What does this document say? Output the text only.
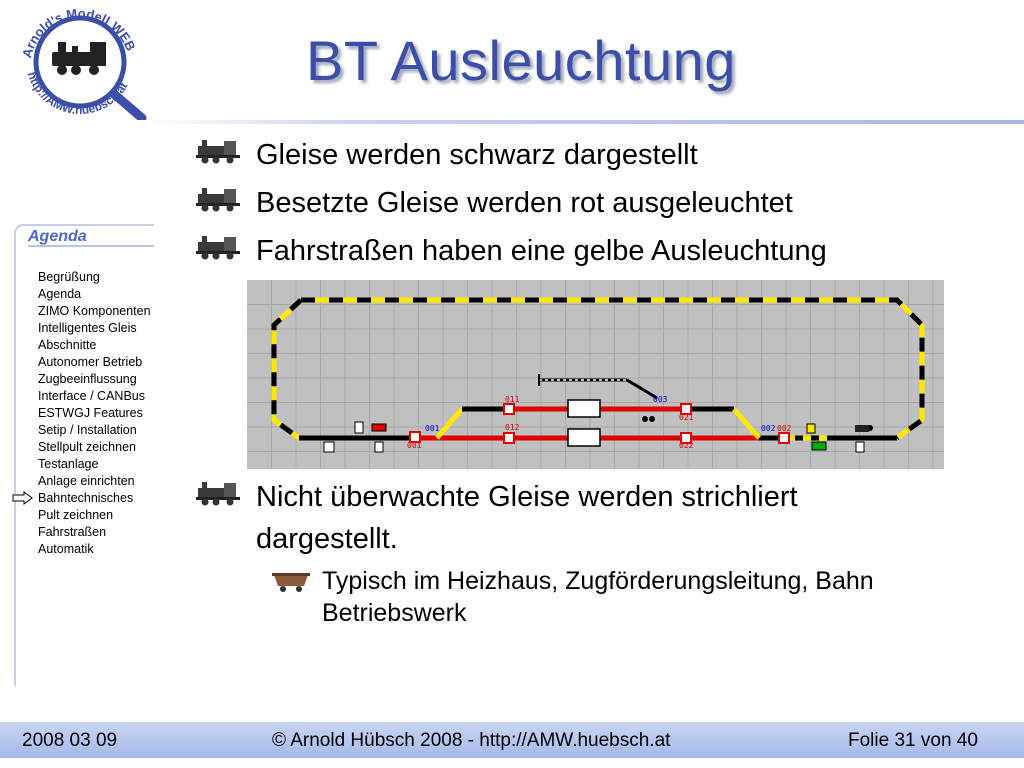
Arnold's Modell WEB
http://AMW.huebsch.at	BT Ausleuchtung
Gleise werden schwarz dargestellt
Besetzte Gleise werden rot ausgeleuchtet
Fahrstraßen haben eine gelbe Ausleuchtung
Nicht überwachte Gleise werden strichliert dargestellt.
Typisch im Heizhaus, Zugförderungsleitung, Bahn Betriebswerk
Agenda
Begrüßung
Agenda
ZIMO Komponenten
Intelligentes Gleis
Abschnitte
Autonomer Betrieb
Zugbeeinflussung
Interface / CANBus
ESTWGJ Features
Setip / Installation
Stellpult zeichnen
Testanlage
Anlage einrichten
Bahntechnisches
Pult zeichnen
Fahrstraßen
Automatik
001
011
012
003
021
022
002 002
001
2008 03 09	© Arnold Hübsch 2008 - http://AMW.huebsch.at	Folie 31 von 40
